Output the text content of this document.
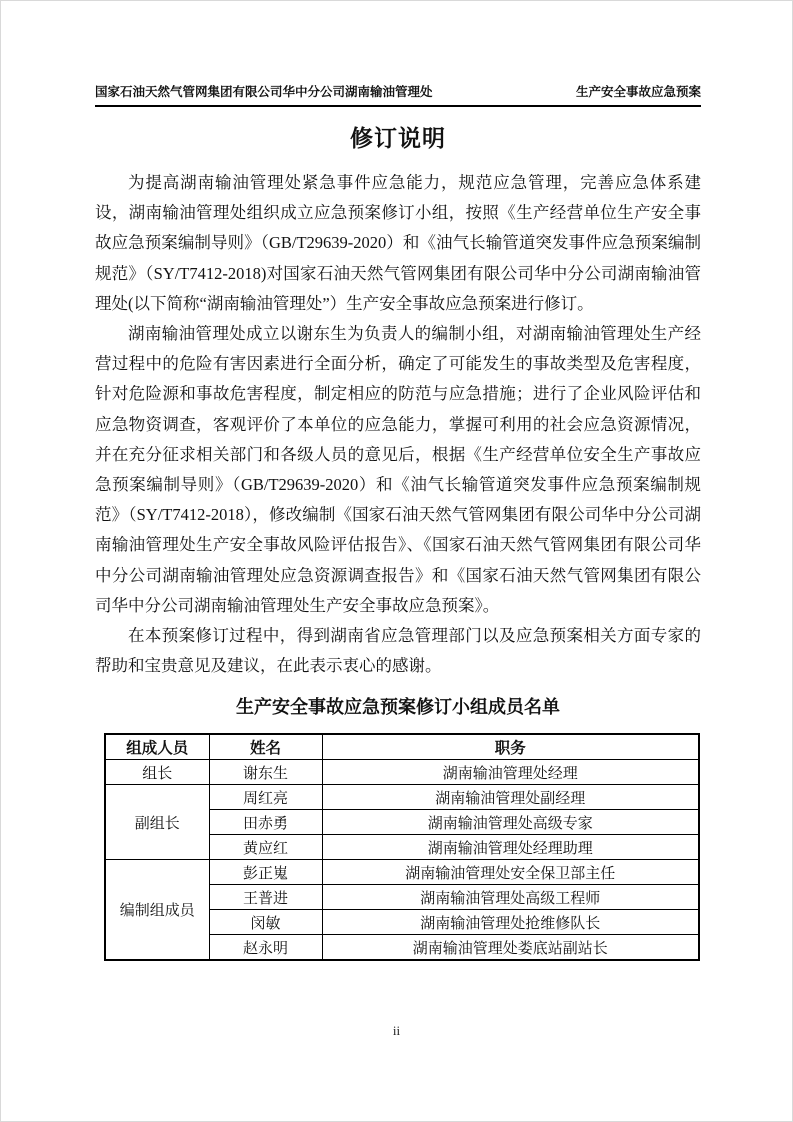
国家石油天然气管网集团有限公司华中分公司湖南输油管理处	生产安全事故应急预案
修订说明

为提高湖南输油管理处紧急事件应急能力，规范应急管理，完善应急体系建设，湖南输油管理处组织成立应急预案修订小组，按照《生产经营单位生产安全事故应急预案编制导则》（GB/T29639-2020）和《油气长输管道突发事件应急预案编制规范》（SY/T7412-2018)对国家石油天然气管网集团有限公司华中分公司湖南输油管理处(以下简称“湖南输油管理处”）生产安全事故应急预案进行修订。

湖南输油管理处成立以谢东生为负责人的编制小组，对湖南输油管理处生产经营过程中的危险有害因素进行全面分析，确定了可能发生的事故类型及危害程度，针对危险源和事故危害程度，制定相应的防范与应急措施；进行了企业风险评估和应急物资调查，客观评价了本单位的应急能力，掌握可利用的社会应急资源情况，并在充分征求相关部门和各级人员的意见后，根据《生产经营单位安全生产事故应急预案编制导则》（GB/T29639-2020）和《油气长输管道突发事件应急预案编制规范》（SY/T7412-2018），修改编制《国家石油天然气管网集团有限公司华中分公司湖南输油管理处生产安全事故风险评估报告》、《国家石油天然气管网集团有限公司华中分公司湖南输油管理处应急资源调查报告》和《国家石油天然气管网集团有限公司华中分公司湖南输油管理处生产安全事故应急预案》。

在本预案修订过程中，得到湖南省应急管理部门以及应急预案相关方面专家的帮助和宝贵意见及建议，在此表示衷心的感谢。

生产安全事故应急预案修订小组成员名单
组成人员	姓名	职务
组长	谢东生	湖南输油管理处经理
副组长	周红亮	湖南输油管理处副经理
	田赤勇	湖南输油管理处高级专家
	黄应红	湖南输油管理处经理助理
编制组成员	彭正嵬	湖南输油管理处安全保卫部主任
	王普进	湖南输油管理处高级工程师
	闵敏	湖南输油管理处抢维修队长
	赵永明	湖南输油管理处娄底站副站长
ii
